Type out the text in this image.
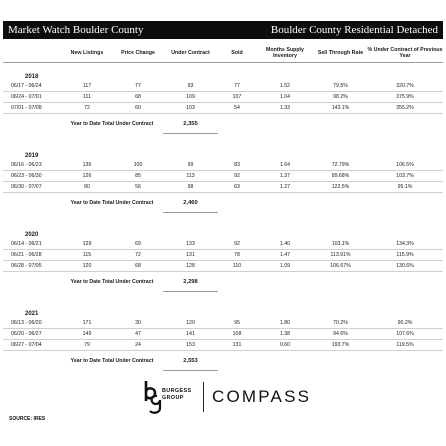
Market Watch Boulder County	Boulder County Residential Detached
	New Listings	Price Change	Under Contract	Sold	Months Supply Inventory	Sell Through Rate	% Under Contract of Previous Year

2018							
06/17 - 06/24	117	77	93	77	1.52	79.5%	320.7%
06/24 - 07/01	111	68	109	107	1.04	98.2%	375.9%
07/01 - 07/08	72	60	103	54	1.33	143.1%	355.2%
	Year to Date Total Under Contract		2,355				

2019							
06/16 - 06/23	136	100	99	83	1.64	72.79%	106.5%
06/23 - 06/30	126	85	113	92	1.37	89.68%	103.7%
06/30 - 07/07	80	56	98	63	1.27	122.5%	95.1%
	Year to Date Total Under Contract		2,460				

2020							
06/14 - 06/21	129	69	133	92	1.40	103.1%	134.3%
06/21 - 06/28	115	72	131	78	1.47	113.91%	115.9%
06/28 - 07/05	120	68	128	110	1.09	106.67%	130.6%
	Year to Date Total Under Contract		2,298				

2021							
06/13 - 06/20	171	30	120	95	1.80	70.2%	90.2%
06/20 - 06/27	149	47	141	108	1.38	94.6%	107.6%
06/27 - 07/04	79	24	153	131	0.60	193.7%	119.5%
	Year to Date Total Under Contract		2,553				
BURGESS
GROUP	COMPASS
SOURCE: IRES
